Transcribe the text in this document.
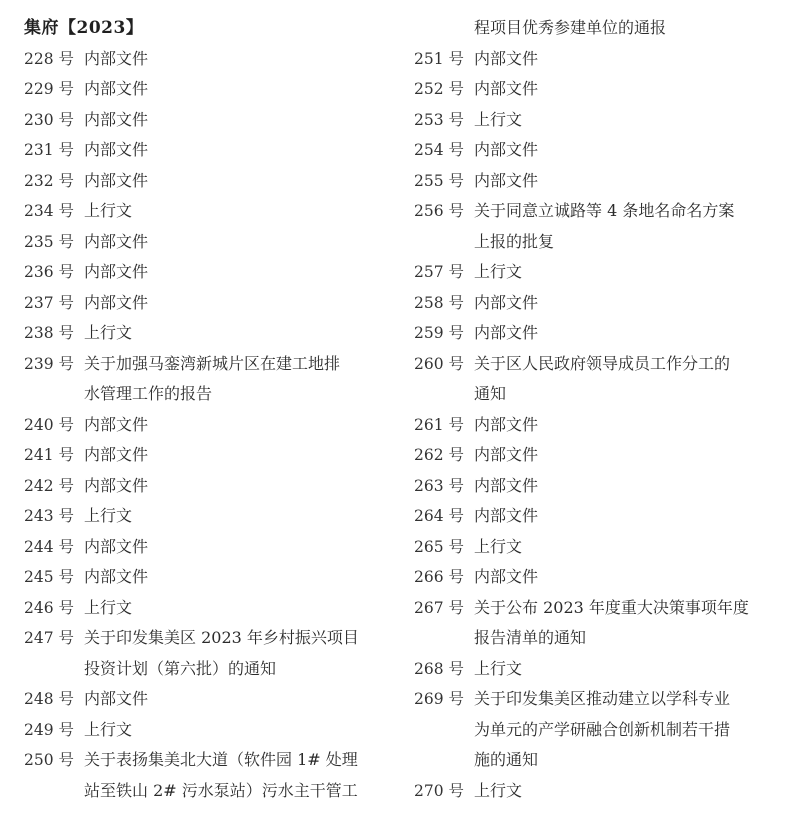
集府【2023】
228 号 内部文件
229 号 内部文件
230 号 内部文件
231 号 内部文件
232 号 内部文件
234 号 上行文
235 号 内部文件
236 号 内部文件
237 号 内部文件
238 号 上行文
239 号 关于加强马銮湾新城片区在建工地排
水管理工作的报告
240 号 内部文件
241 号 内部文件
242 号 内部文件
243 号 上行文
244 号 内部文件
245 号 内部文件
246 号 上行文
247 号 关于印发集美区 2023 年乡村振兴项目
投资计划（第六批）的通知
248 号 内部文件
249 号 上行文
250 号 关于表扬集美北大道（软件园 1# 处理
站至铁山 2# 污水泵站）污水主干管工
程项目优秀参建单位的通报
251 号 内部文件
252 号 内部文件
253 号 上行文
254 号 内部文件
255 号 内部文件
256 号 关于同意立诚路等 4 条地名命名方案
上报的批复
257 号 上行文
258 号 内部文件
259 号 内部文件
260 号 关于区人民政府领导成员工作分工的
通知
261 号 内部文件
262 号 内部文件
263 号 内部文件
264 号 内部文件
265 号 上行文
266 号 内部文件
267 号 关于公布 2023 年度重大决策事项年度
报告清单的通知
268 号 上行文
269 号 关于印发集美区推动建立以学科专业
为单元的产学研融合创新机制若干措
施的通知
270 号 上行文
